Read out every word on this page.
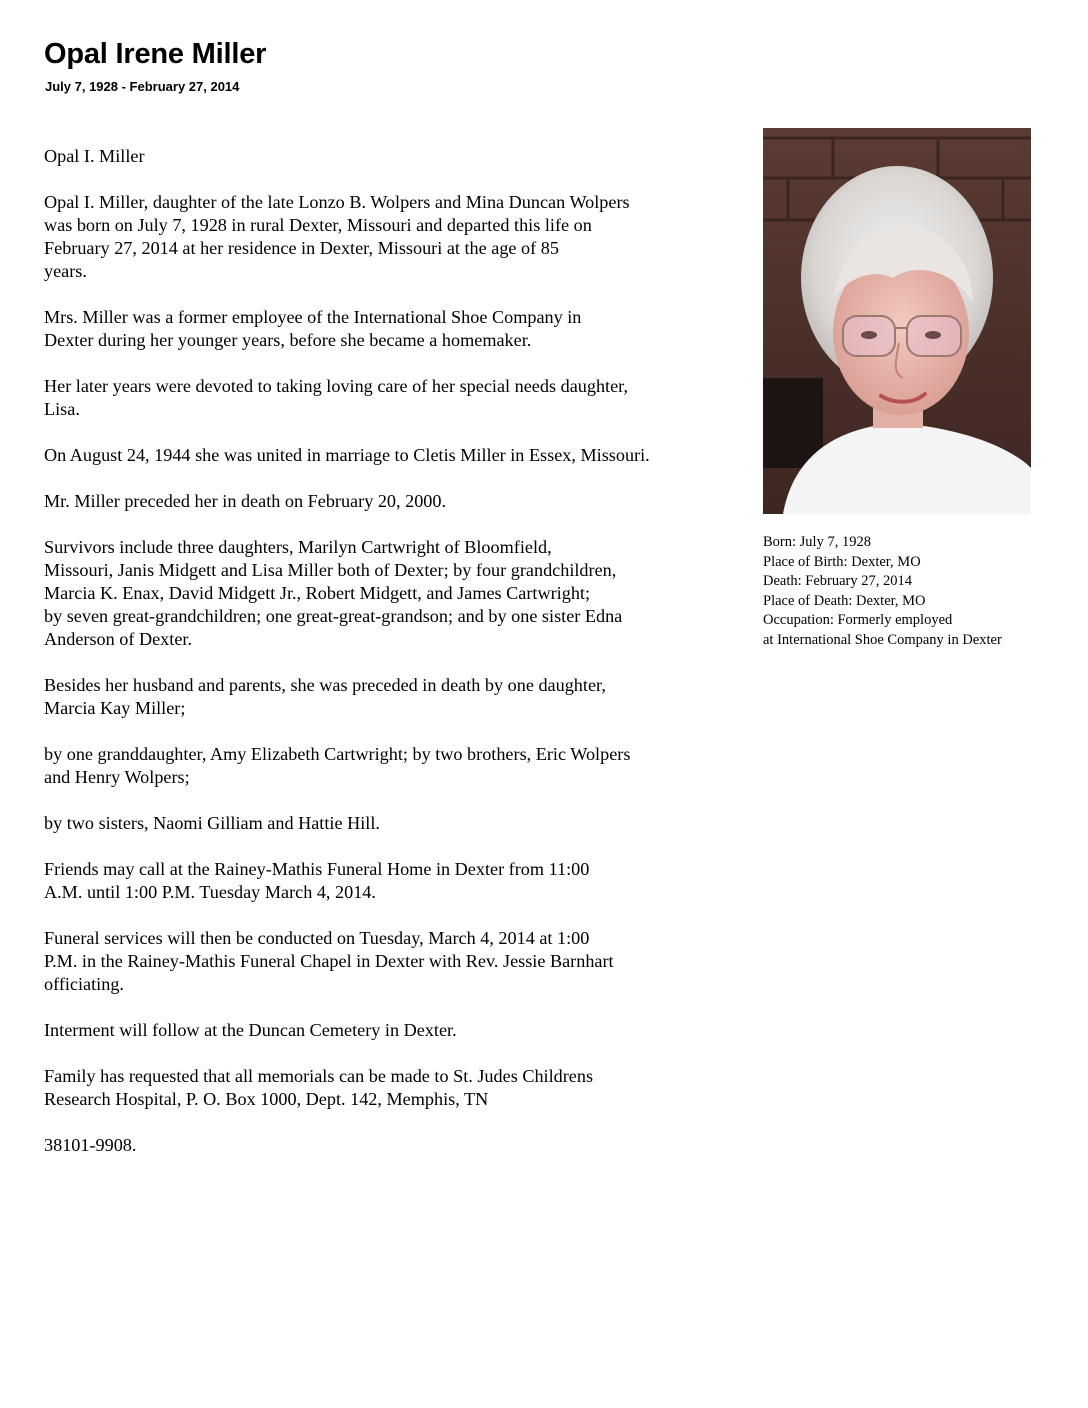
Opal Irene Miller
July 7, 1928 - February 27, 2014

Opal I. Miller

Opal I. Miller, daughter of the late Lonzo B. Wolpers and Mina Duncan Wolpers
was born on July 7, 1928 in rural Dexter, Missouri and departed this life on
February 27, 2014 at her residence in Dexter, Missouri at the age of 85
years.

Mrs. Miller was a former employee of the International Shoe Company in
Dexter during her younger years, before she became a homemaker.

Her later years were devoted to taking loving care of her special needs daughter,
Lisa.

On August 24, 1944 she was united in marriage to Cletis Miller in Essex, Missouri.

Mr. Miller preceded her in death on February 20, 2000.

Survivors include three daughters, Marilyn Cartwright of Bloomfield,
Missouri, Janis Midgett and Lisa Miller both of Dexter; by four grandchildren,
Marcia K. Enax, David Midgett Jr., Robert Midgett, and James Cartwright;
by seven great-grandchildren; one great-great-grandson; and by one sister Edna
Anderson of Dexter.

Besides her husband and parents, she was preceded in death by one daughter,
Marcia Kay Miller;

by one granddaughter, Amy Elizabeth Cartwright; by two brothers, Eric Wolpers
and Henry Wolpers;

by two sisters, Naomi Gilliam and Hattie Hill.

Friends may call at the Rainey-Mathis Funeral Home in Dexter from 11:00
A.M. until 1:00 P.M. Tuesday March 4, 2014.

Funeral services will then be conducted on Tuesday, March 4, 2014 at 1:00
P.M. in the Rainey-Mathis Funeral Chapel in Dexter with Rev. Jessie Barnhart
officiating.

Interment will follow at the Duncan Cemetery in Dexter.

Family has requested that all memorials can be made to St. Judes Childrens
Research Hospital, P. O. Box 1000, Dept. 142, Memphis, TN

38101-9908.

Born: July 7, 1928
Place of Birth: Dexter, MO
Death: February 27, 2014
Place of Death: Dexter, MO
Occupation: Formerly employed
at International Shoe Company in Dexter
